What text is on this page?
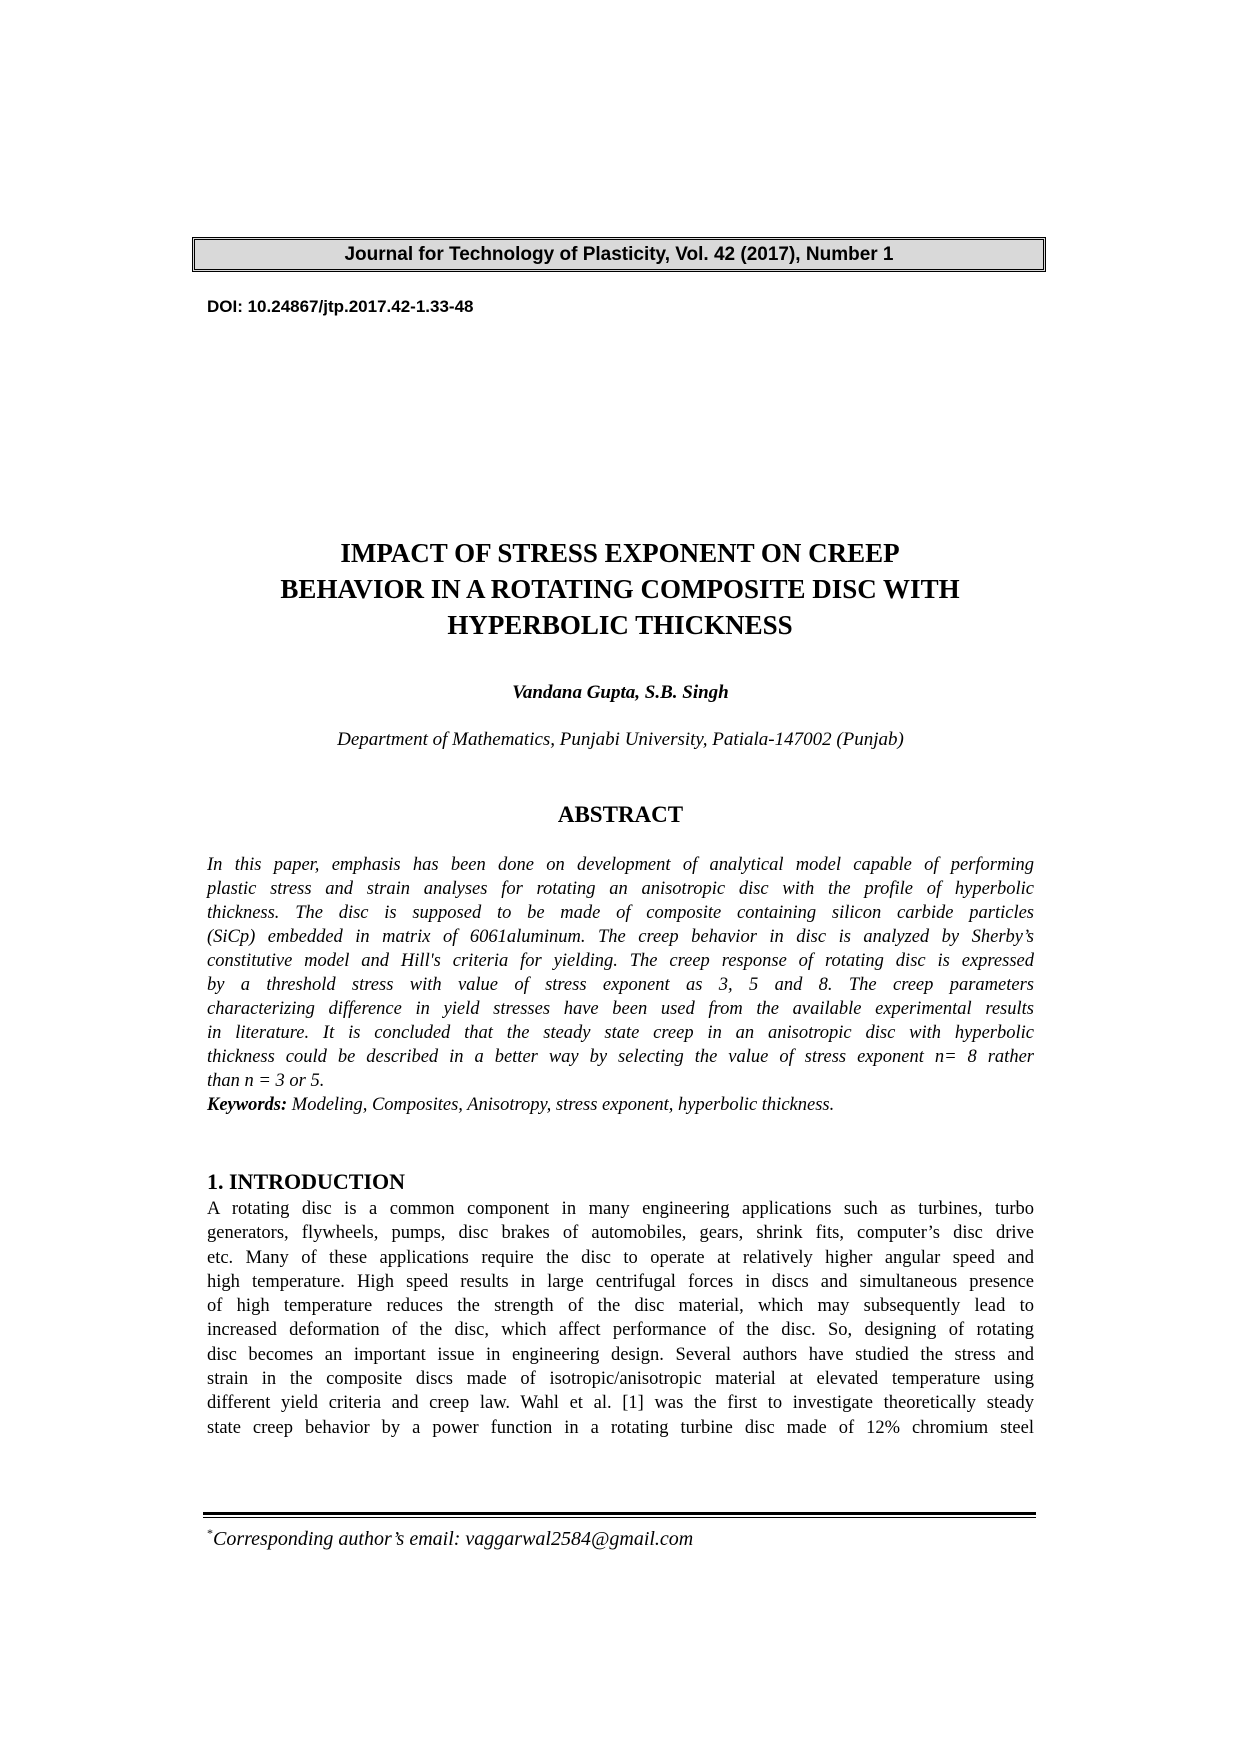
Journal for Technology of Plasticity, Vol. 42 (2017), Number 1
DOI: 10.24867/jtp.2017.42-1.33-48
IMPACT OF STRESS EXPONENT ON CREEP
BEHAVIOR IN A ROTATING COMPOSITE DISC WITH
HYPERBOLIC THICKNESS
Vandana Gupta, S.B. Singh
Department of Mathematics, Punjabi University, Patiala-147002 (Punjab)
ABSTRACT
In this paper, emphasis has been done on development of analytical model capable of performing
plastic stress and strain analyses for rotating an anisotropic disc with the profile of hyperbolic
thickness. The disc is supposed to be made of composite containing silicon carbide particles
(SiCp) embedded in matrix of 6061aluminum. The creep behavior in disc is analyzed by Sherby’s
constitutive model and Hill's criteria for yielding. The creep response of rotating disc is expressed
by a threshold stress with value of stress exponent as 3, 5 and 8. The creep parameters
characterizing difference in yield stresses have been used from the available experimental results
in literature. It is concluded that the steady state creep in an anisotropic disc with hyperbolic
thickness could be described in a better way by selecting the value of stress exponent n= 8 rather
than n = 3 or 5.
Keywords: Modeling, Composites, Anisotropy, stress exponent, hyperbolic thickness.
1. INTRODUCTION
A rotating disc is a common component in many engineering applications such as turbines, turbo
generators, flywheels, pumps, disc brakes of automobiles, gears, shrink fits, computer’s disc drive
etc. Many of these applications require the disc to operate at relatively higher angular speed and
high temperature. High speed results in large centrifugal forces in discs and simultaneous presence
of high temperature reduces the strength of the disc material, which may subsequently lead to
increased deformation of the disc, which affect performance of the disc. So, designing of rotating
disc becomes an important issue in engineering design. Several authors have studied the stress and
strain in the composite discs made of isotropic/anisotropic material at elevated temperature using
different yield criteria and creep law. Wahl et al. [1] was the first to investigate theoretically steady
state creep behavior by a power function in a rotating turbine disc made of 12% chromium steel
*Corresponding author’s email: vaggarwal2584@gmail.com
